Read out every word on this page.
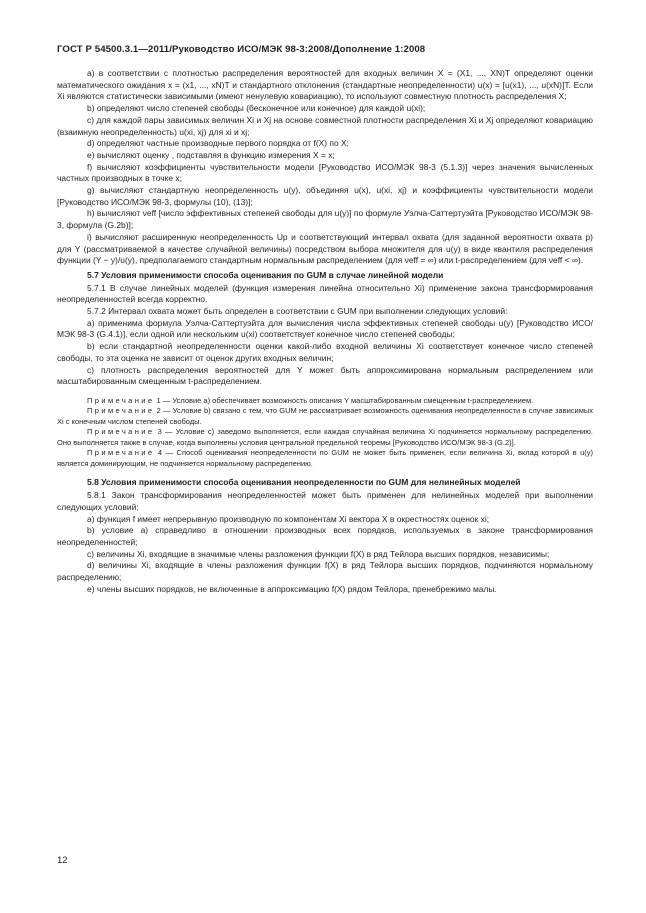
ГОСТ Р 54500.3.1—2011/Руководство ИСО/МЭК 98-3:2008/Дополнение 1:2008

а) в соответствии с плотностью распределения вероятностей для входных величин X = (X1, ..., XN)T определяют оценки математического ожидания x = (x1, ..., xN)T и стандартного отклонения (стандартные неопределенности) u(x) = [u(x1), ..., u(xN)]T. Если Xi являются статистически зависимыми (имеют ненулевую ковариацию), то используют совместную плотность распределения X;

b) определяют число степеней свободы (бесконечное или конечное) для каждой u(xi);

c) для каждой пары зависимых величин Xi и Xj на основе совместной плотности распределения Xi и Xj определяют ковариацию (взаимную неопределенность) u(xi, xj) для xi и xj;

d) определяют частные производные первого порядка от f(X) по X;

e) вычисляют оценку , подставляя в функцию измерения X = x;

f) вычисляют коэффициенты чувствительности модели [Руководство ИСО/МЭК 98-3 (5.1.3)] через значения вычисленных частных производных в точке x;

g) вычисляют стандартную неопределенность u(y), объединяя u(x), u(xi, xj) и коэффициенты чувствительности модели [Руководство ИСО/МЭК 98-3, формулы (10), (13)];

h) вычисляют νeff [число эффективных степеней свободы для u(y)] по формуле Уэлча-Саттертуэйта [Руководство ИСО/МЭК 98-3, формула (G.2b)];

i) вычисляют расширенную неопределенность Up и соответствующий интервал охвата (для заданной вероятности охвата p) для Y (рассматриваемой в качестве случайной величины) посредством выбора множителя для u(y) в виде квантиля распределения функции (Y − y)/u(y), предполагаемого стандартным нормальным распределением (для νeff = ∞) или t-распределением (для νeff < ∞).

5.7 Условия применимости способа оценивания по GUM в случае линейной модели

5.7.1 В случае линейных моделей (функция измерения линейна относительно Xi) применение закона трансформирования неопределенностей всегда корректно.

5.7.2 Интервал охвата может быть определен в соответствии с GUM при выполнении следующих условий:

a) применима формула Уэлча-Саттертуэйта для вычисления числа эффективных степеней свободы u(y) [Руководство ИСО/МЭК 98-3 (G.4.1)], если одной или нескольким u(xi) соответствует конечное число степеней свободы;

b) если стандартной неопределенности оценки какой-либо входной величины Xi соответствует конечное число степеней свободы, то эта оценка не зависит от оценок других входных величин;

c) плотность распределения вероятностей для Y может быть аппроксимирована нормальным распределением или масштабированным смещенным t-распределением.

Примечание 1 — Условие а) обеспечивает возможность описания Y масштабированным смещенным t-распределением.

Примечание 2 — Условие b) связано с тем, что GUM не рассматривает возможность оценивания неопределенности в случае зависимых Xi с конечным числом степеней свободы.

Примечание 3 — Условие с) заведомо выполняется, если каждая случайная величина Xi подчиняется нормальному распределению. Оно выполняется также в случае, когда выполнены условия центральной предельной теоремы [Руководство ИСО/МЭК 98-3 (G.2)].

Примечание 4 — Способ оценивания неопределенности по GUM не может быть применен, если величина Xi, вклад которой в u(y) является доминирующим, не подчиняется нормальному распределению.

5.8 Условия применимости способа оценивания неопределенности по GUM для нелинейных моделей

5.8.1 Закон трансформирования неопределенностей может быть применен для нелинейных моделей при выполнении следующих условий:

a) функция f имеет непрерывную производную по компонентам Xi вектора X в окрестностях оценок xi;

b) условие а) справедливо в отношении производных всех порядков, используемых в законе трансформирования неопределенностей;

c) величины Xi, входящие в значимые члены разложения функции f(X) в ряд Тейлора высших порядков, независимы;

d) величины Xi, входящие в члены разложения функции f(X) в ряд Тейлора высших порядков, подчиняются нормальному распределению;

e) члены высших порядков, не включенные в аппроксимацию f(X) рядом Тейлора, пренебрежимо малы.

12
